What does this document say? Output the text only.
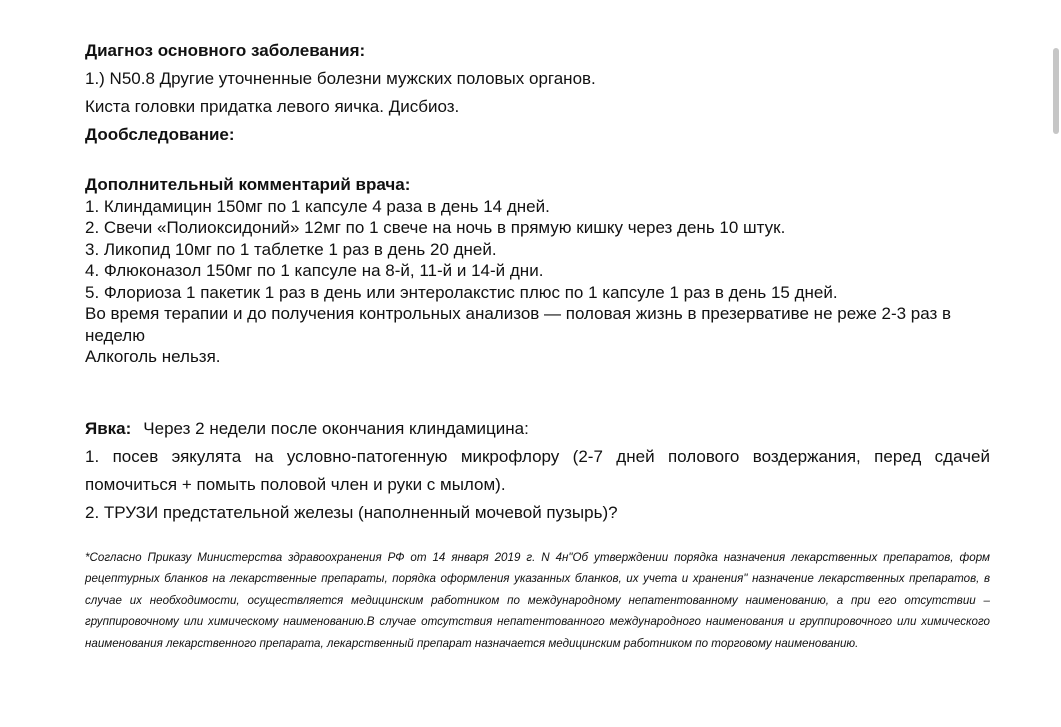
Диагноз основного заболевания:

1.) N50.8 Другие уточненные болезни мужских половых органов.

Киста головки придатка левого яичка. Дисбиоз.

Дообследование:

Дополнительный комментарий врача:

1. Клиндамицин 150мг по 1 капсуле 4 раза в день 14 дней.

2. Свечи «Полиоксидоний» 12мг по 1 свече на ночь в прямую кишку через день 10 штук.

3. Ликопид 10мг по 1 таблетке 1 раз в день 20 дней.

4. Флюконазол 150мг по 1 капсуле на 8-й, 11-й и 14-й дни.

5. Флориоза 1 пакетик 1 раз в день или энтеролакстис плюс по 1 капсуле 1 раз в день 15 дней.

Во время терапии и до получения контрольных анализов — половая жизнь в презервативе не реже 2-3 раз в неделю

Алкоголь нельзя.

Явка: Через 2 недели после окончания клиндамицина:

1. посев эякулята на условно-патогенную микрофлору (2-7 дней полового воздержания, перед сдачей помочиться + помыть половой член и руки с мылом).

2. ТРУЗИ предстательной железы (наполненный мочевой пузырь)?

*Согласно Приказу Министерства здравоохранения РФ от 14 января 2019 г. N 4н"Об утверждении порядка назначения лекарственных препаратов, форм рецептурных бланков на лекарственные препараты, порядка оформления указанных бланков, их учета и хранения" назначение лекарственных препаратов, в случае их необходимости, осуществляется медицинским работником по международному непатентованному наименованию, а при его отсутствии – группировочному или химическому наименованию.В случае отсутствия непатентованного международного наименования и группировочного или химического наименования лекарственного препарата, лекарственный препарат назначается медицинским работником по торговому наименованию.
